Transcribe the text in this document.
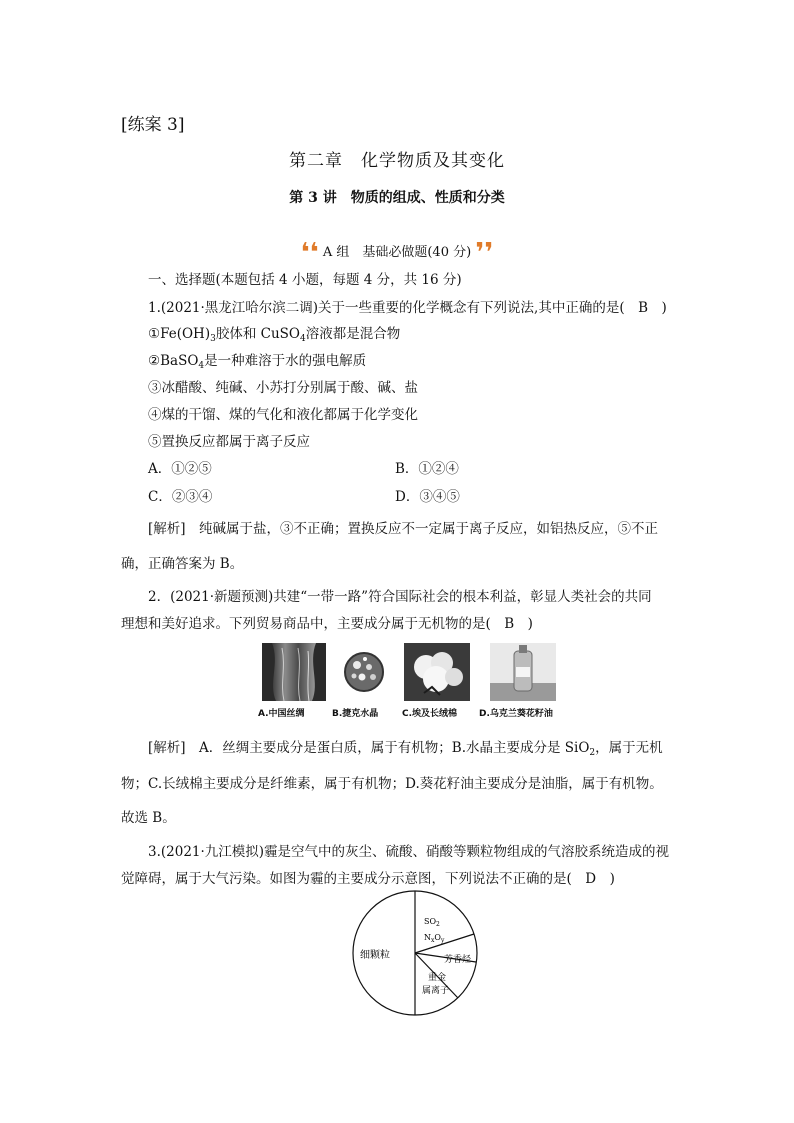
[练案 3]
第二章　化学物质及其变化
第 3 讲　物质的组成、性质和分类
❛❛ A 组　基础必做题(40 分) ❜❜
一、选择题(本题包括 4 小题，每题 4 分，共 16 分)
1.(2021·黑龙江哈尔滨二调)关于一些重要的化学概念有下列说法,其中正确的是(　B　)
$①Fe(OH)_3$胶体和 CuSO$_4$溶液都是混合物
②BaSO$_4$是一种难溶于水的强电解质
③冰醋酸、纯碱、小苏打分别属于酸、碱、盐
④煤的干馏、煤的气化和液化都属于化学变化
⑤置换反应都属于离子反应
A．①②⑤	B．①②④
C．②③④	D．③④⑤
[解析]　纯碱属于盐，③不正确；置换反应不一定属于离子反应，如铝热反应，⑤不正
确，正确答案为 B。
2．(2021·新题预测)共建“一带一路”符合国际社会的根本利益，彰显人类社会的共同
理想和美好追求。下列贸易商品中，主要成分属于无机物的是(　B　)
A.中国丝绸	B.捷克水晶	C.埃及长绒棉 D.乌克兰葵花籽油
[解析]　A．丝绸主要成分是蛋白质，属于有机物；B.水晶主要成分是 SiO$_2$，属于无机
物；C.长绒棉主要成分是纤维素，属于有机物；D.葵花籽油主要成分是油脂，属于有机物。
故选 B。
3.(2021·九江模拟)霾是空气中的灰尘、硫酸、硝酸等颗粒物组成的气溶胶系统造成的视
觉障碍，属于大气污染。如图为霾的主要成分示意图，下列说法不正确的是(　D　)
细颗粒
$SO_2$
$N_xO_y$
芳香烃
重金
属离子
